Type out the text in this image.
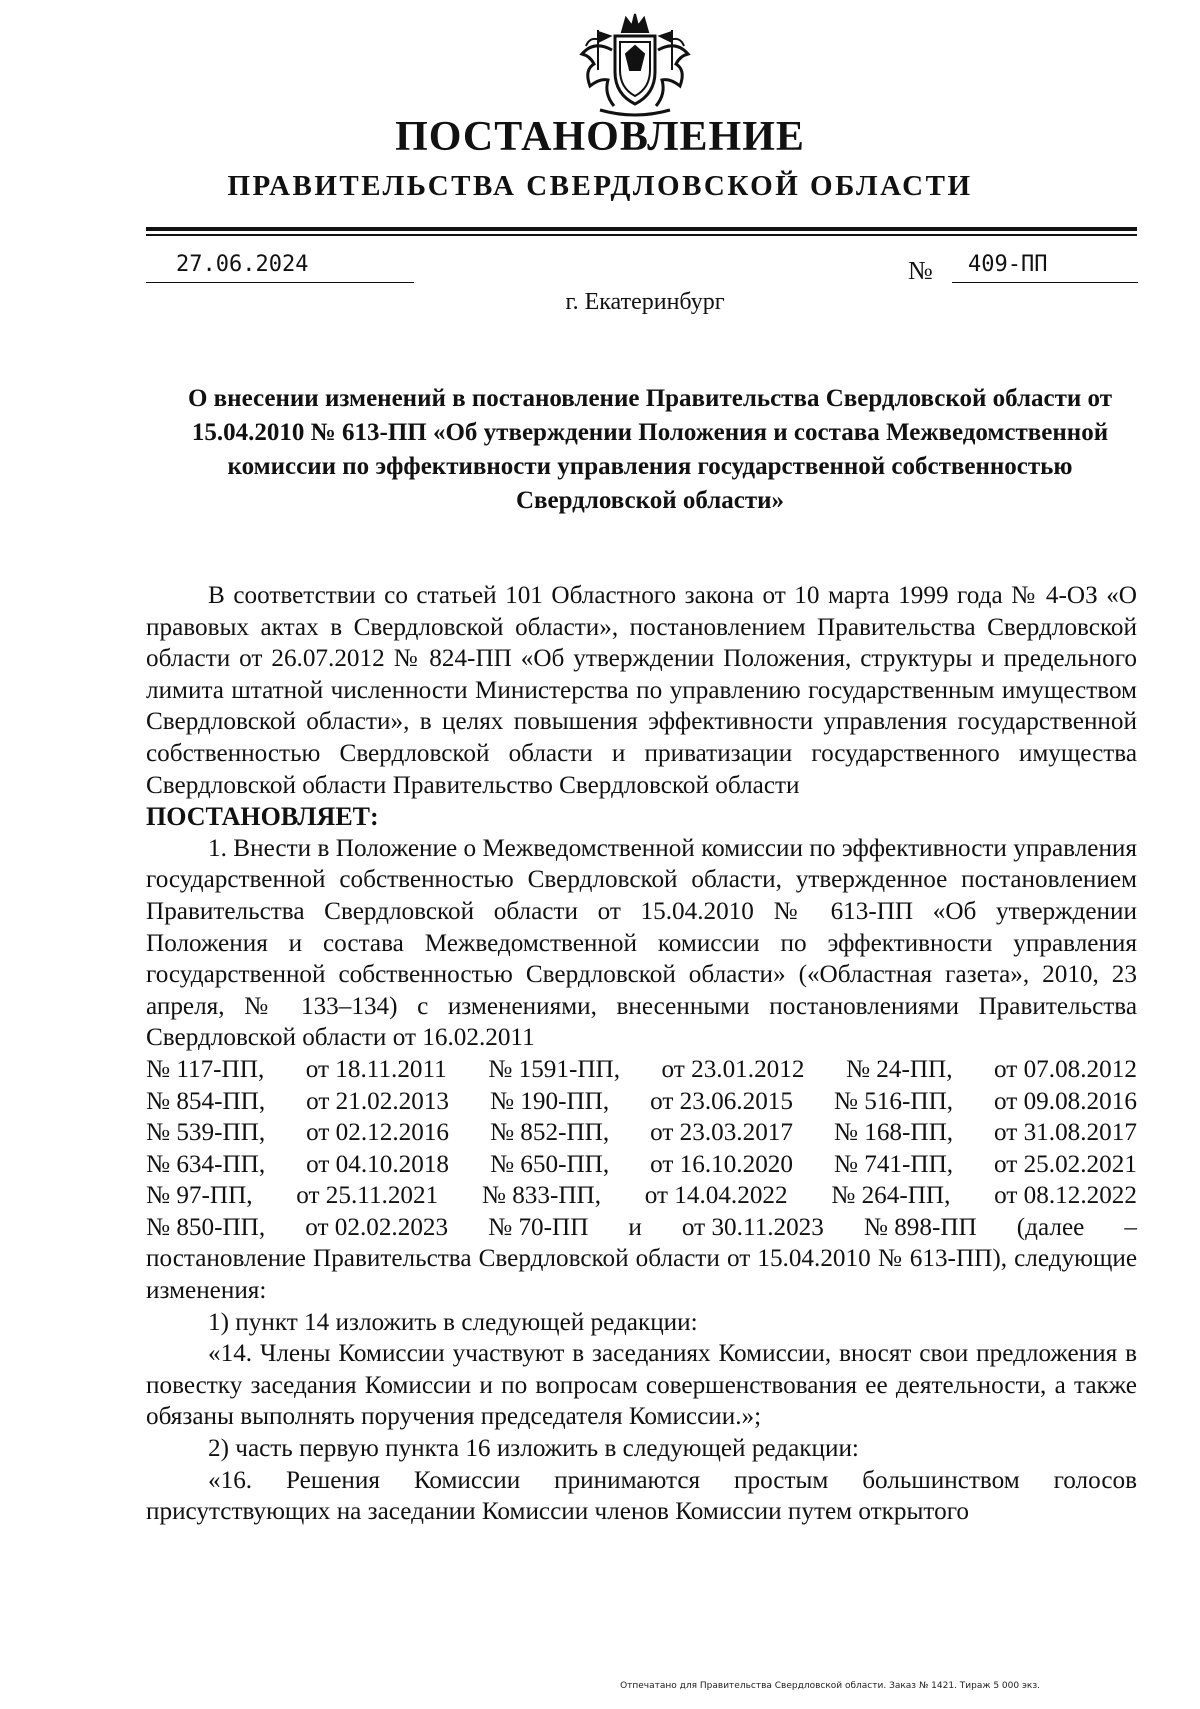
ПОСТАНОВЛЕНИЕ
ПРАВИТЕЛЬСТВА СВЕРДЛОВСКОЙ ОБЛАСТИ
27.06.2024	№	409-ПП
г. Екатеринбург
О внесении изменений в постановление Правительства Свердловской области от 15.04.2010 № 613-ПП «Об утверждении Положения и состава Межведомственной комиссии по эффективности управления государственной собственностью Свердловской области»

В соответствии со статьей 101 Областного закона от 10 марта 1999 года № 4-ОЗ «О правовых актах в Свердловской области», постановлением Правительства Свердловской области от 26.07.2012 № 824-ПП «Об утверждении Положения, структуры и предельного лимита штатной численности Министерства по управлению государственным имуществом Свердловской области», в целях повышения эффективности управления государственной собственностью Свердловской области и приватизации государственного имущества Свердловской области Правительство Свердловской области

ПОСТАНОВЛЯЕТ:

1. Внести в Положение о Межведомственной комиссии по эффективности управления государственной собственностью Свердловской области, утвержденное постановлением Правительства Свердловской области от 15.04.2010 № 613-ПП «Об утверждении Положения и состава Межведомственной комиссии по эффективности управления государственной собственностью Свердловской области» («Областная газета», 2010, 23 апреля, № 133–134) с изменениями, внесенными постановлениями Правительства Свердловской области от 16.02.2011

№ 117-ПП, от 18.11.2011 № 1591-ПП, от 23.01.2012 № 24-ПП, от 07.08.2012
№ 854-ПП, от 21.02.2013 № 190-ПП, от 23.06.2015 № 516-ПП, от 09.08.2016
№ 539-ПП, от 02.12.2016 № 852-ПП, от 23.03.2017 № 168-ПП, от 31.08.2017
№ 634-ПП, от 04.10.2018 № 650-ПП, от 16.10.2020 № 741-ПП, от 25.02.2021
№ 97-ПП, от 25.11.2021 № 833-ПП, от 14.04.2022 № 264-ПП, от 08.12.2022
№ 850-ПП, от 02.02.2023 № 70-ПП и от 30.11.2023 № 898-ПП (далее –

постановление Правительства Свердловской области от 15.04.2010 № 613-ПП), следующие изменения:

1) пункт 14 изложить в следующей редакции:

«14. Члены Комиссии участвуют в заседаниях Комиссии, вносят свои предложения в повестку заседания Комиссии и по вопросам совершенствования ее деятельности, а также обязаны выполнять поручения председателя Комиссии.»;

2) часть первую пункта 16 изложить в следующей редакции:

«16. Решения Комиссии принимаются простым большинством голосов присутствующих на заседании Комиссии членов Комиссии путем открытого

Отпечатано для Правительства Свердловской области. Заказ № 1421. Тираж 5 000 экз.
